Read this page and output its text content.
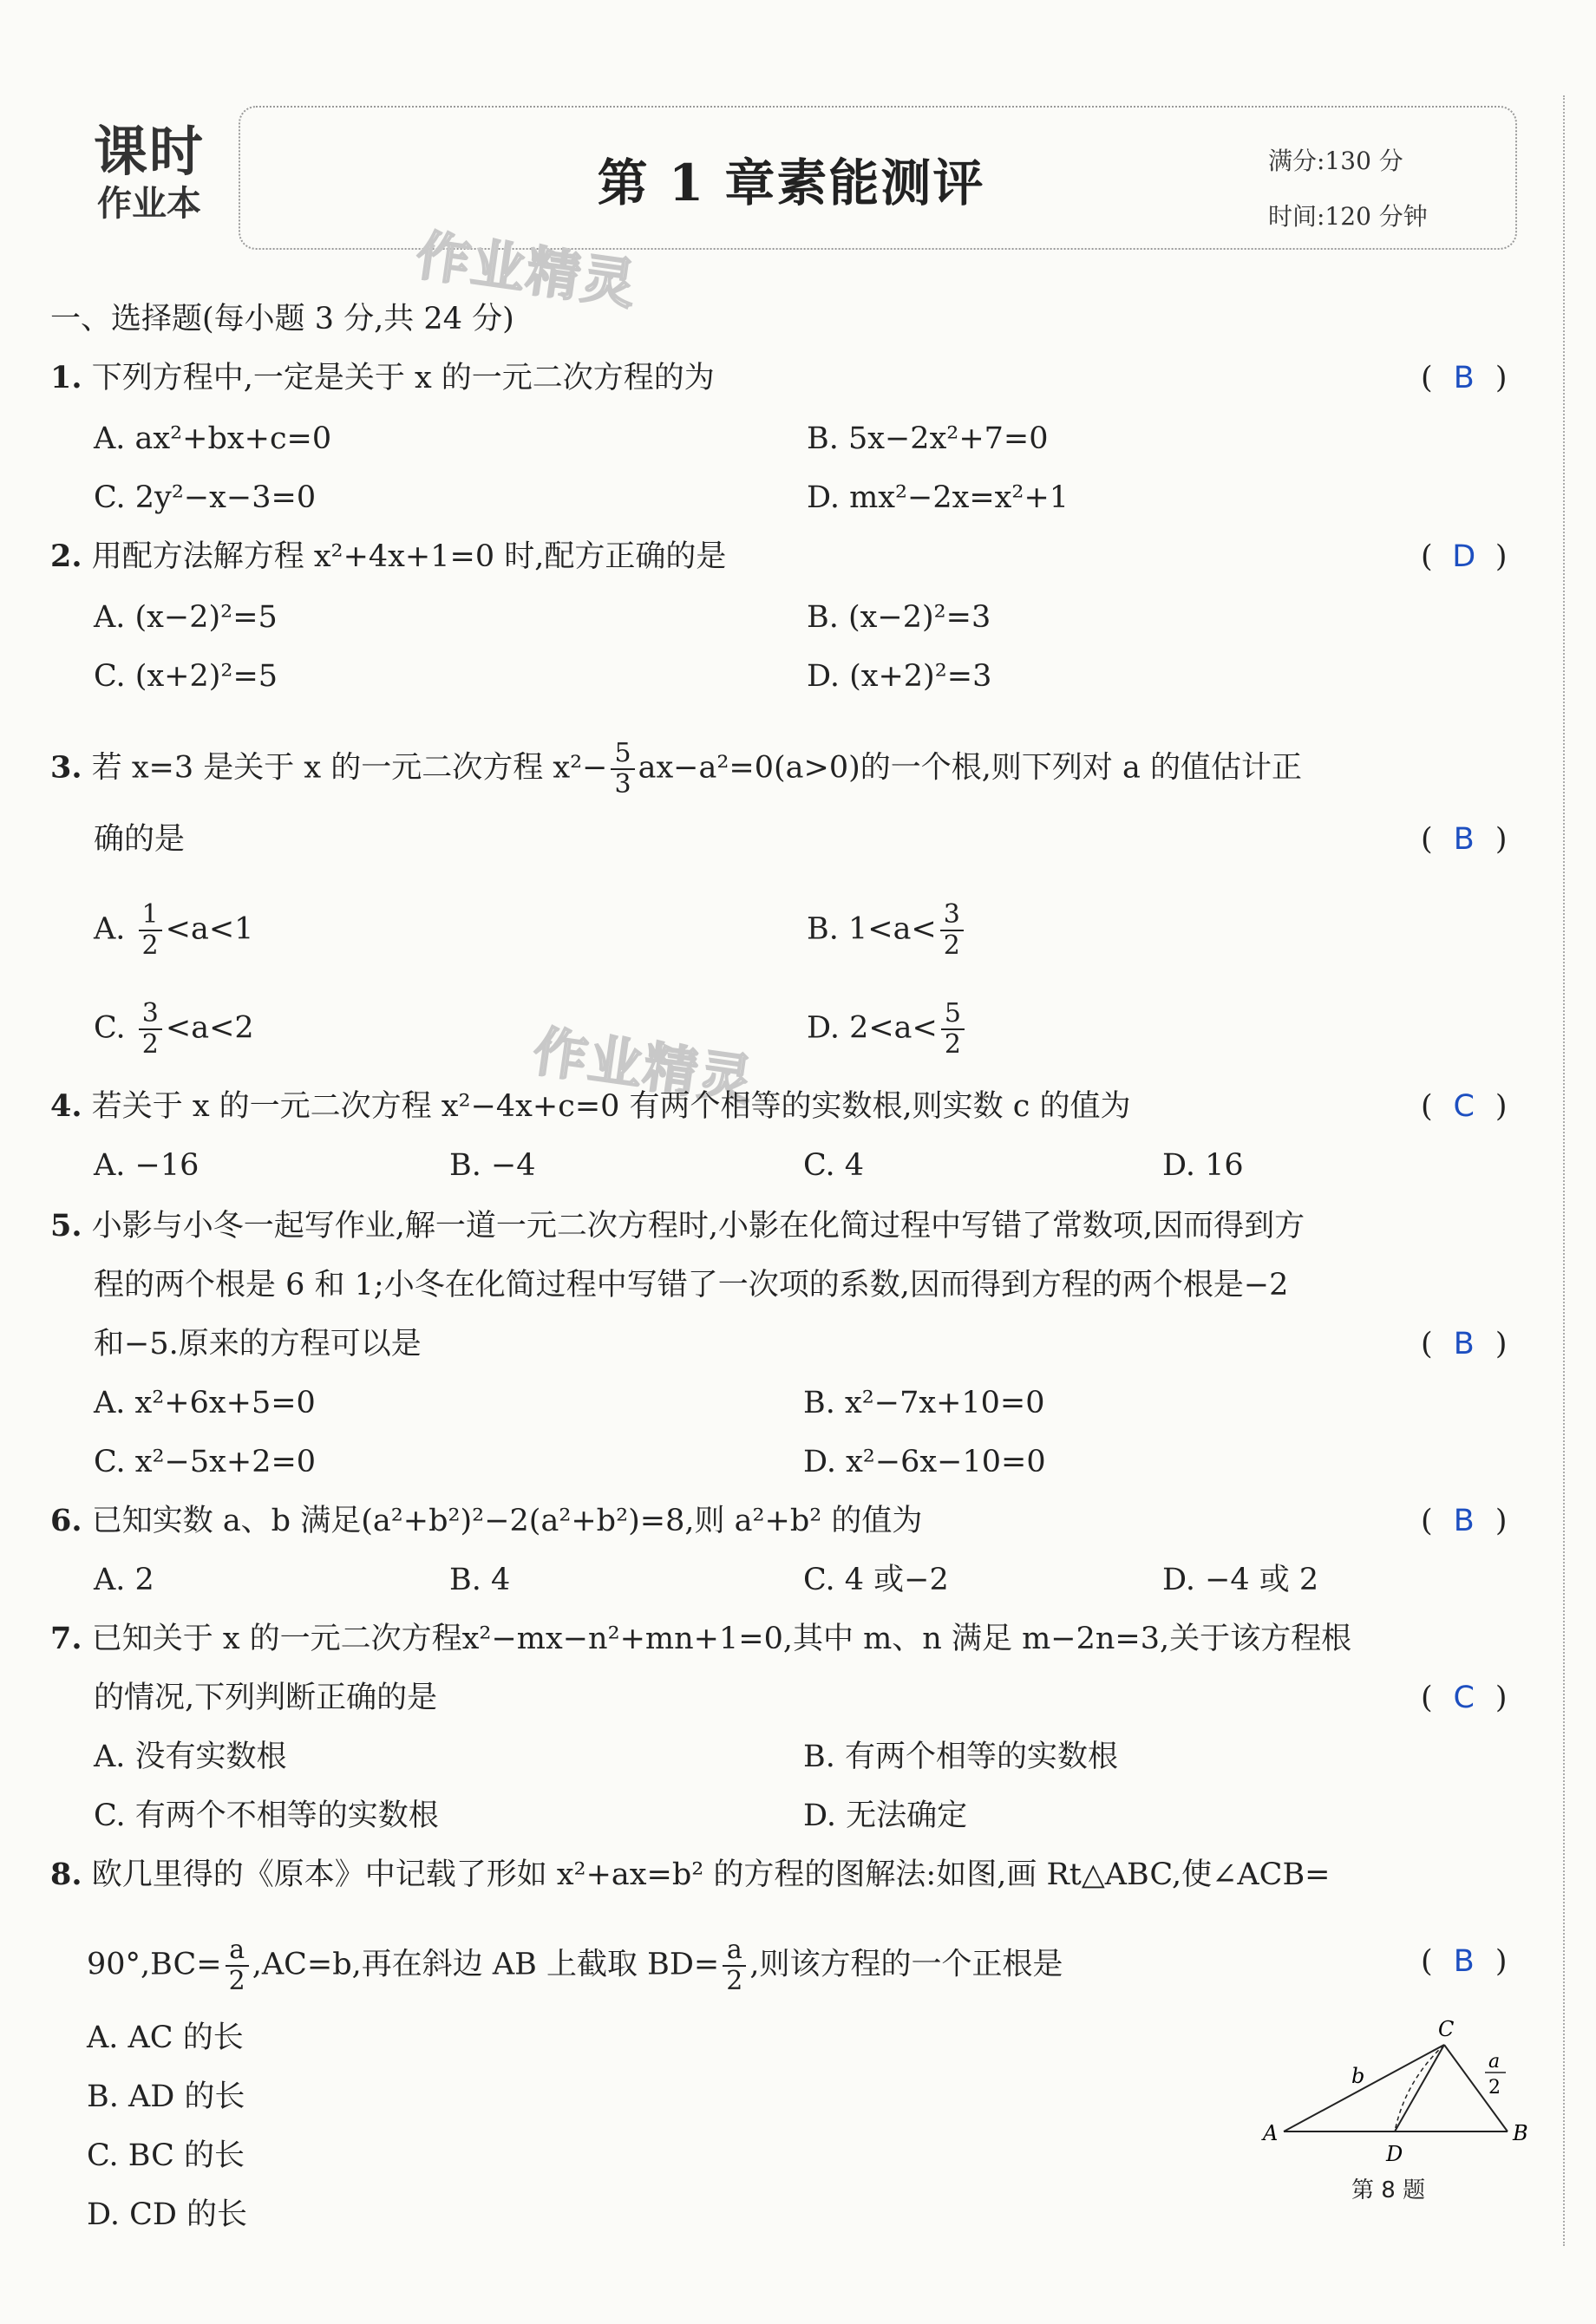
课时
作业本	第 1 章素能测评	满分:130 分
时间:120 分钟
作业精灵
作业精灵
一、选择题(每小题 3 分,共 24 分)
1. 下列方程中,一定是关于 x 的一元二次方程的为	( B )
A. ax²+bx+c=0	B. 5x−2x²+7=0
C. 2y²−x−3=0	D. mx²−2x=x²+1
2. 用配方法解方程 x²+4x+1=0 时,配方正确的是	( D )
A. (x−2)²=5	B. (x−2)²=3
C. (x+2)²=5	D. (x+2)²=3
3. 若 x=3 是关于 x 的一元二次方程 $x^2- \frac{5}{3} ax-a^2=0(a>0)$的一个根,则下列对 a 的值估计正
确的是	( B )
A. $\frac{1}{2} <a<1$	B. $1<a< \frac{3}{2}$
C. $\frac{3}{2} <a<2$	D. $2<a< \frac{5}{2}$
4. 若关于 x 的一元二次方程 x²−4x+c=0 有两个相等的实数根,则实数 c 的值为	( C )
A. −16	B. −4	C. 4	D. 16
5. 小影与小冬一起写作业,解一道一元二次方程时,小影在化简过程中写错了常数项,因而得到方
程的两个根是 6 和 1;小冬在化简过程中写错了一次项的系数,因而得到方程的两个根是−2
和−5.原来的方程可以是	( B )
A. x²+6x+5=0	B. x²−7x+10=0
C. x²−5x+2=0	D. x²−6x−10=0
6. 已知实数 a、b 满足(a²+b²)²−2(a²+b²)=8,则 a²+b² 的值为	( B )
A. 2	B. 4	C. 4 或−2	D. −4 或 2
7. 已知关于 x 的一元二次方程x²−mx−n²+mn+1=0,其中 m、n 满足 m−2n=3,关于该方程根
的情况,下列判断正确的是	( C )
A. 没有实数根	B. 有两个相等的实数根
C. 有两个不相等的实数根	D. 无法确定
8. 欧几里得的《原本》中记载了形如 x²+ax=b² 的方程的图解法:如图,画 Rt△ABC,使∠ACB=
$90^\circ,BC= \frac{a}{2} ,AC=b$,再在斜边 AB 上截取 $BD= \frac{a}{2}$ ,则该方程的一个正根是	( B )
A. AC 的长
B. AD 的长
C. BC 的长
D. CD 的长
A	B
C
D
b
a
2
第 8 题
